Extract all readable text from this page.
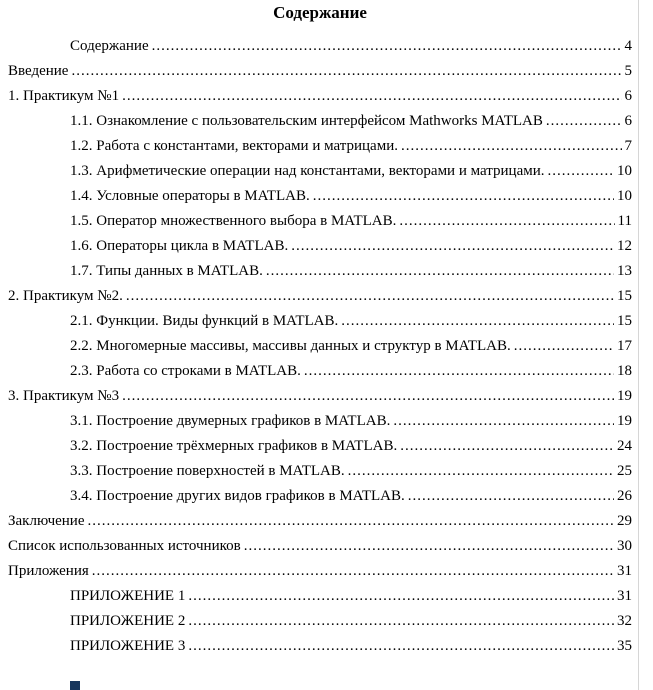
Содержание
Содержание .....	4
Введение .....	5
1. Практикум №1 .....	6
1.1. Ознакомление с пользовательским интерфейсом Mathworks MATLAB .....	6
1.2. Работа с константами, векторами и матрицами. .....	7
1.3. Арифметические операции над константами, векторами и матрицами. .....	10
1.4. Условные операторы в MATLAB. .....	10
1.5. Оператор множественного выбора в MATLAB. .....	11
1.6. Операторы цикла в MATLAB. .....	12
1.7. Типы данных в MATLAB. .....	13
2. Практикум №2. .....	15
2.1. Функции. Виды функций в MATLAB. .....	15
2.2. Многомерные массивы, массивы данных и структур в MATLAB. .....	17
2.3. Работа со строками в MATLAB. .....	18
3. Практикум №3 .....	19
3.1. Построение двумерных графиков в MATLAB. .....	19
3.2. Построение трёхмерных графиков в MATLAB. .....	24
3.3. Построение поверхностей в MATLAB. .....	25
3.4. Построение других видов графиков в MATLAB. .....	26
Заключение .....	29
Список использованных источников .....	30
Приложения .....	31
ПРИЛОЖЕНИЕ 1 .....	31
ПРИЛОЖЕНИЕ 2 .....	32
ПРИЛОЖЕНИЕ 3 .....	35
